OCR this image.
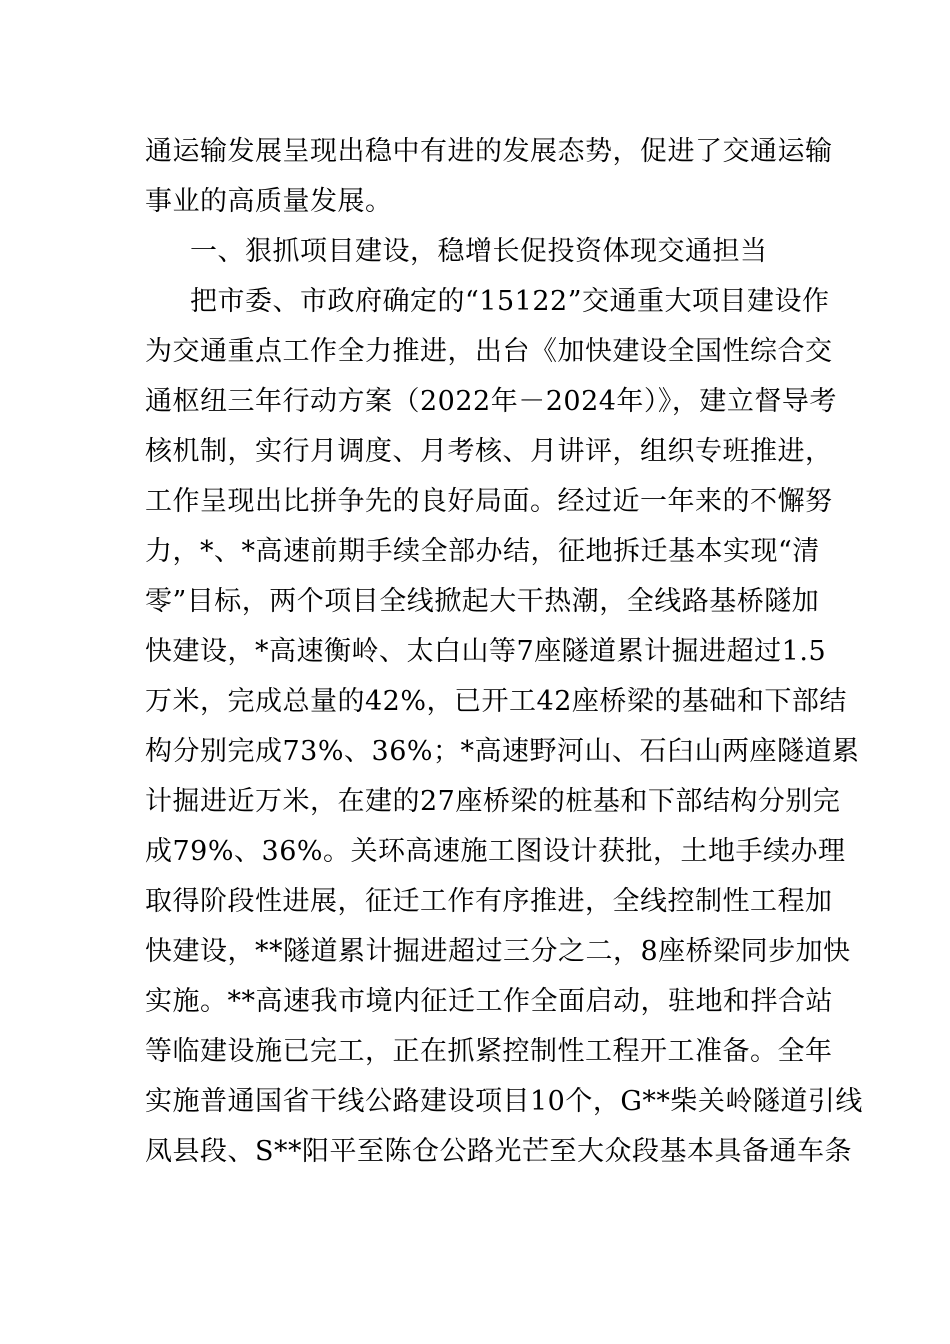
通运输发展呈现出稳中有进的发展态势，促进了交通运输
事业的高质量发展。
一、狠抓项目建设，稳增长促投资体现交通担当
把市委、市政府确定的“15122”交通重大项目建设作
为交通重点工作全力推进，出台《加快建设全国性综合交
通枢纽三年行动方案（2022年－2024年）》，建立督导考
核机制，实行月调度、月考核、月讲评，组织专班推进，
工作呈现出比拼争先的良好局面。经过近一年来的不懈努
力，*、*高速前期手续全部办结，征地拆迁基本实现“清
零”目标，两个项目全线掀起大干热潮，全线路基桥隧加
快建设，*高速衡岭、太白山等7座隧道累计掘进超过1.5
万米，完成总量的42%，已开工42座桥梁的基础和下部结
构分别完成73%、36%；*高速野河山、石臼山两座隧道累
计掘进近万米，在建的27座桥梁的桩基和下部结构分别完
成79%、36%。关环高速施工图设计获批，土地手续办理
取得阶段性进展，征迁工作有序推进，全线控制性工程加
快建设，**隧道累计掘进超过三分之二，8座桥梁同步加快
实施。**高速我市境内征迁工作全面启动，驻地和拌合站
等临建设施已完工，正在抓紧控制性工程开工准备。全年
实施普通国省干线公路建设项目10个，G**柴关岭隧道引线
凤县段、S**阳平至陈仓公路光芒至大众段基本具备通车条
